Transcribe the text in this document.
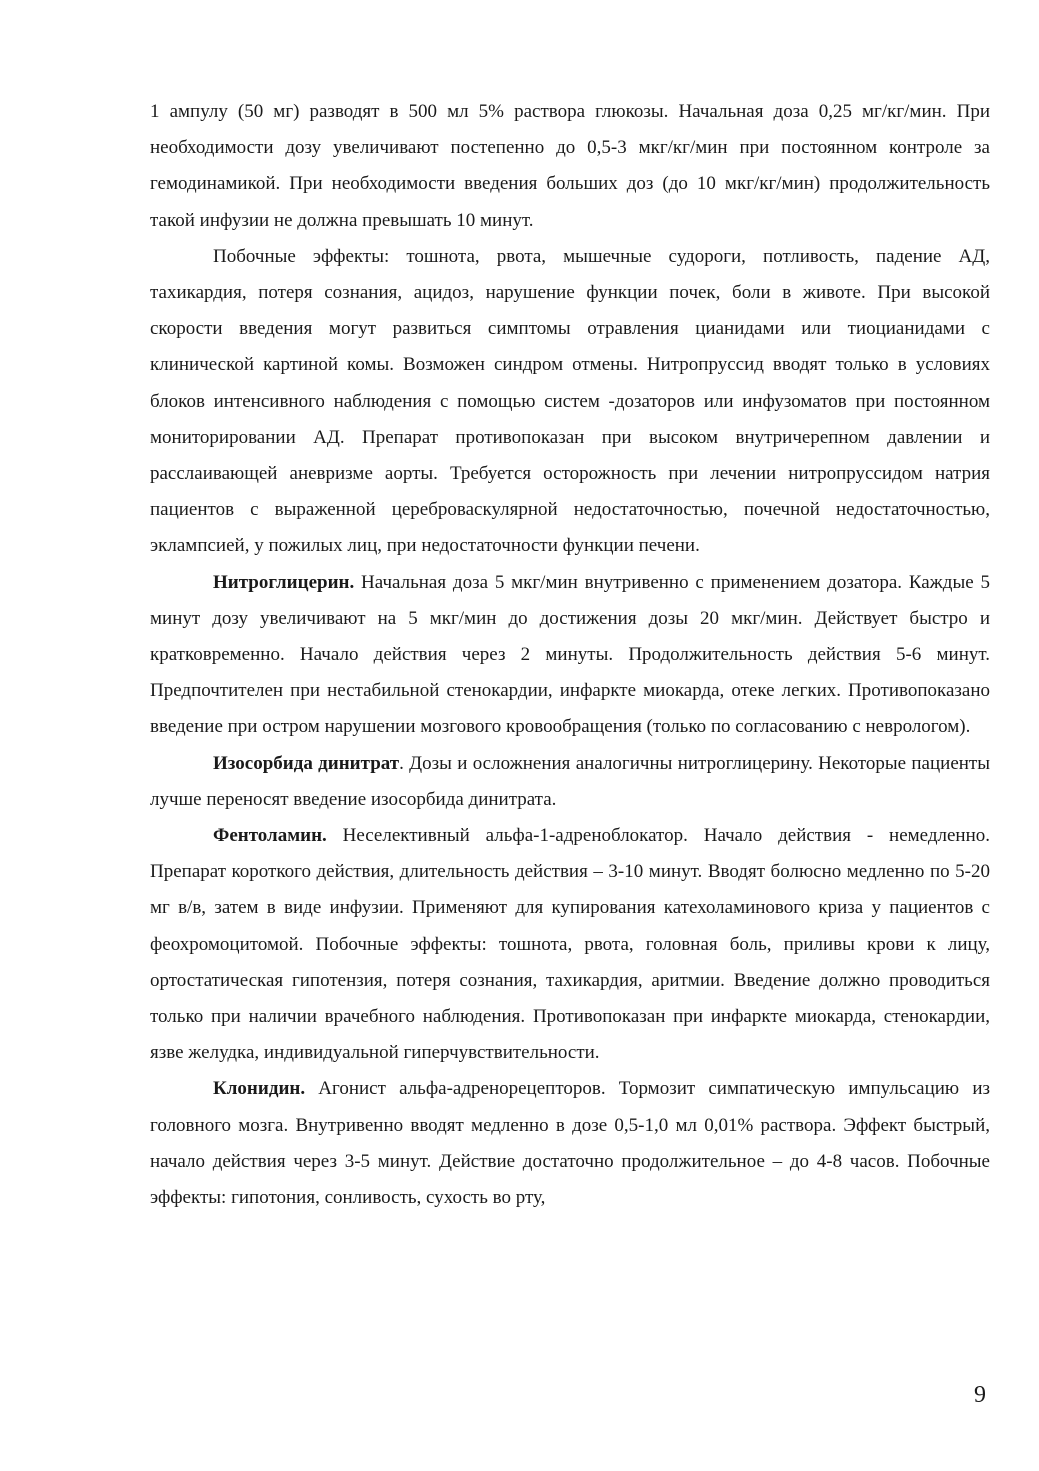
1 ампулу (50 мг) разводят в 500 мл 5% раствора глюкозы. Начальная доза 0,25 мг/кг/мин. При необходимости дозу увеличивают постепенно до 0,5-3 мкг/кг/мин при постоянном контроле за гемодинамикой. При необходимости введения больших доз (до 10 мкг/кг/мин) продолжительность такой инфузии не должна превышать 10 минут.

Побочные эффекты: тошнота, рвота, мышечные судороги, потливость, падение АД, тахикардия, потеря сознания, ацидоз, нарушение функции почек, боли в животе. При высокой скорости введения могут развиться симптомы отравления цианидами или тиоцианидами с клинической картиной комы. Возможен синдром отмены. Нитропруссид вводят только в условиях блоков интенсивного наблюдения с помощью систем -дозаторов или инфузоматов при постоянном мониторировании АД. Препарат противопоказан при высоком внутричерепном давлении и расслаивающей аневризме аорты. Требуется осторожность при лечении нитропруссидом натрия пациентов с выраженной цереброваскулярной недостаточностью, почечной недостаточностью, эклампсией, у пожилых лиц, при недостаточности функции печени.

Нитроглицерин. Начальная доза 5 мкг/мин внутривенно с применением дозатора. Каждые 5 минут дозу увеличивают на 5 мкг/мин до достижения дозы 20 мкг/мин. Действует быстро и кратковременно. Начало действия через 2 минуты. Продолжительность действия 5-6 минут. Предпочтителен при нестабильной стенокардии, инфаркте миокарда, отеке легких. Противопоказано введение при остром нарушении мозгового кровообращения (только по согласованию с неврологом).

Изосорбида динитрат. Дозы и осложнения аналогичны нитроглицерину. Некоторые пациенты лучше переносят введение изосорбида динитрата.

Фентоламин. Неселективный альфа-1-адреноблокатор. Начало действия - немедленно. Препарат короткого действия, длительность действия – 3-10 минут. Вводят болюсно медленно по 5-20 мг в/в, затем в виде инфузии. Применяют для купирования катехоламинового криза у пациентов с феохромоцитомой. Побочные эффекты: тошнота, рвота, головная боль, приливы крови к лицу, ортостатическая гипотензия, потеря сознания, тахикардия, аритмии. Введение должно проводиться только при наличии врачебного наблюдения. Противопоказан при инфаркте миокарда, стенокардии, язве желудка, индивидуальной гиперчувствительности.

Клонидин. Агонист альфа-адренорецепторов. Тормозит симпатическую импульсацию из головного мозга. Внутривенно вводят медленно в дозе 0,5-1,0 мл 0,01% раствора. Эффект быстрый, начало действия через 3-5 минут. Действие достаточно продолжительное – до 4-8 часов. Побочные эффекты: гипотония, сонливость, сухость во рту,

9
